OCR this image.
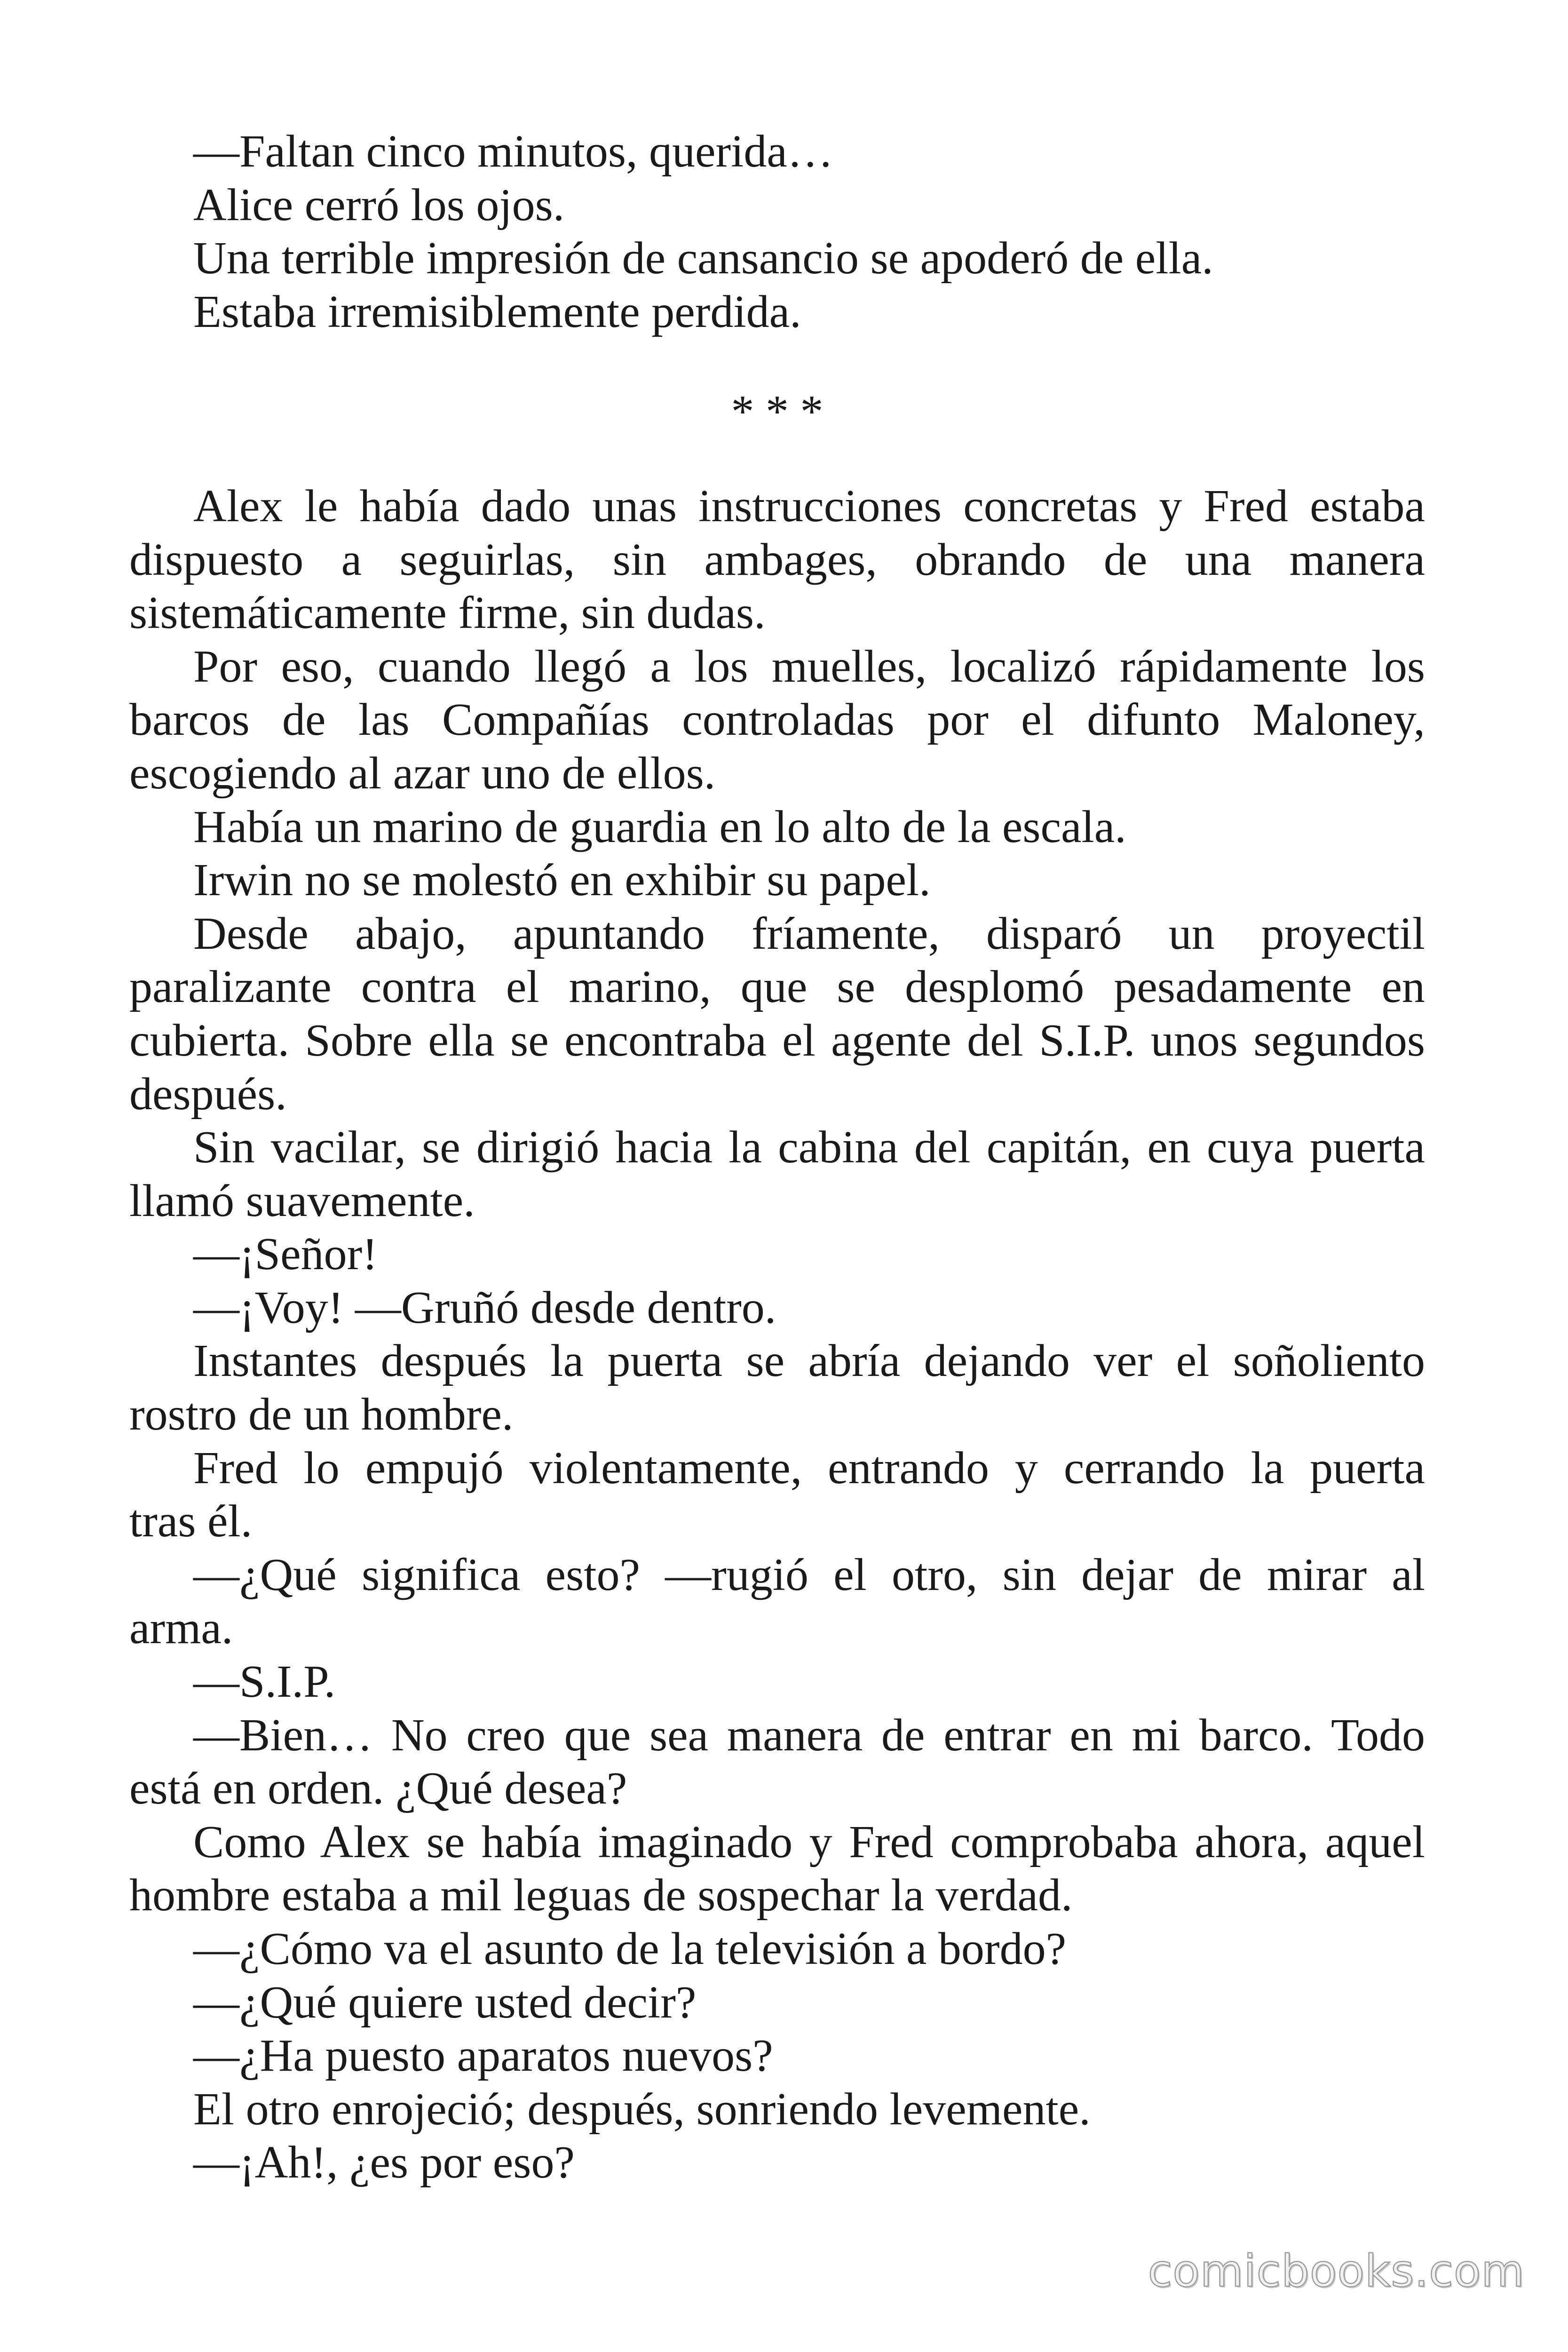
—Faltan cinco minutos, querida…
Alice cerró los ojos.
Una terrible impresión de cansancio se apoderó de ella.
Estaba irremisiblemente perdida.
* * *
Alex le había dado unas instrucciones concretas y Fred estaba
dispuesto a seguirlas, sin ambages, obrando de una manera
sistemáticamente firme, sin dudas.
Por eso, cuando llegó a los muelles, localizó rápidamente los
barcos de las Compañías controladas por el difunto Maloney,
escogiendo al azar uno de ellos.
Había un marino de guardia en lo alto de la escala.
Irwin no se molestó en exhibir su papel.
Desde abajo, apuntando fríamente, disparó un proyectil
paralizante contra el marino, que se desplomó pesadamente en
cubierta. Sobre ella se encontraba el agente del S.I.P. unos segundos
después.
Sin vacilar, se dirigió hacia la cabina del capitán, en cuya puerta
llamó suavemente.
—¡Señor!
—¡Voy! —Gruñó desde dentro.
Instantes después la puerta se abría dejando ver el soñoliento
rostro de un hombre.
Fred lo empujó violentamente, entrando y cerrando la puerta
tras él.
—¿Qué significa esto? —rugió el otro, sin dejar de mirar al
arma.
—S.I.P.
—Bien… No creo que sea manera de entrar en mi barco. Todo
está en orden. ¿Qué desea?
Como Alex se había imaginado y Fred comprobaba ahora, aquel
hombre estaba a mil leguas de sospechar la verdad.
—¿Cómo va el asunto de la televisión a bordo?
—¿Qué quiere usted decir?
—¿Ha puesto aparatos nuevos?
El otro enrojeció; después, sonriendo levemente.
—¡Ah!, ¿es por eso?
comicbooks.com
